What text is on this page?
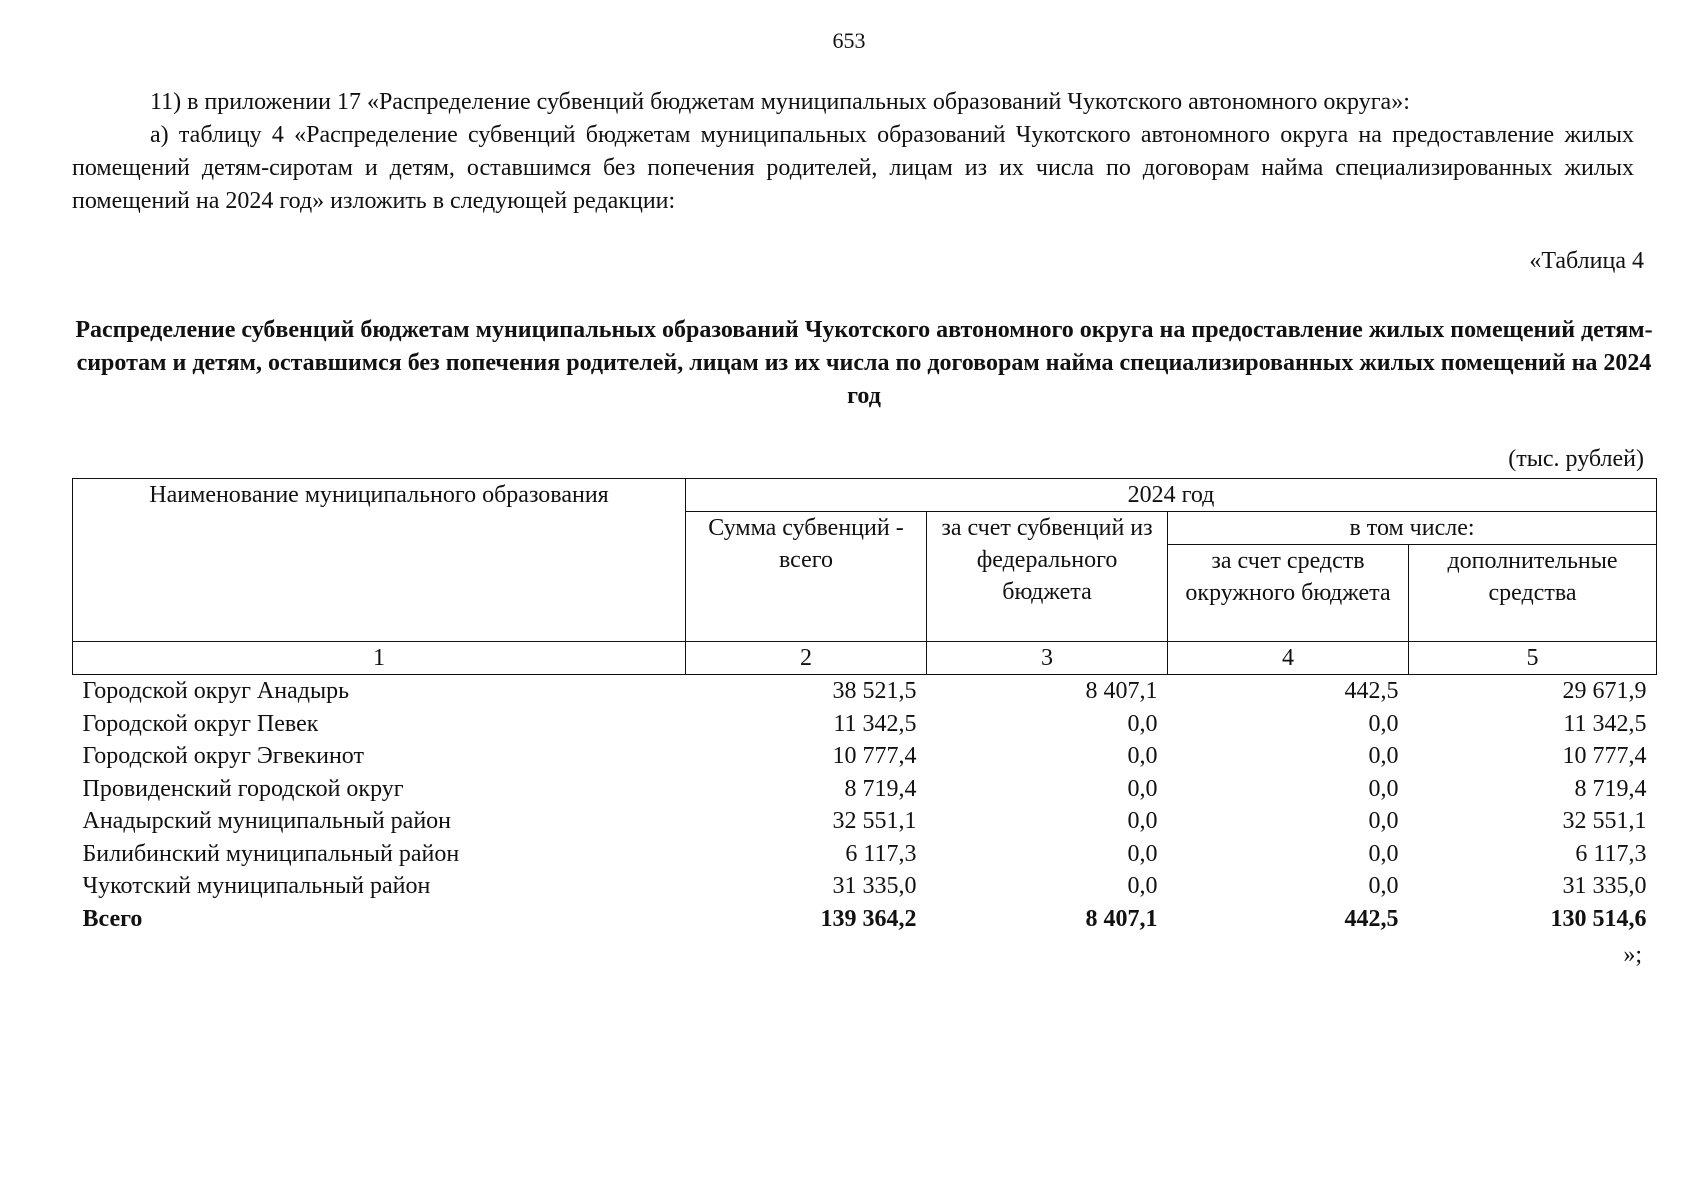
653
11) в приложении 17 «Распределение субвенций бюджетам муниципальных образований Чукотского автономного округа»:
а) таблицу 4 «Распределение субвенций бюджетам муниципальных образований Чукотского автономного округа на предоставление жилых помещений детям-сиротам и детям, оставшимся без попечения родителей, лицам из их числа по договорам найма специализированных жилых помещений на 2024 год» изложить в следующей редакции:
«Таблица 4
Распределение субвенций бюджетам муниципальных образований Чукотского автономного округа на предоставление жилых помещений детям-сиротам и детям, оставшимся без попечения родителей, лицам из их числа по договорам найма специализированных жилых помещений на 2024 год
(тыс. рублей)
Наименование муниципального образования	2024 год			
	Сумма субвенций - всего	за счет субвенций из федерального бюджета	в том числе:	
			за счет средств окружного бюджета	дополнительные средства
1	2	3	4	5
Городской округ Анадырь	38 521,5	8 407,1	442,5	29 671,9
Городской округ Певек	11 342,5	0,0	0,0	11 342,5
Городской округ Эгвекинот	10 777,4	0,0	0,0	10 777,4
Провиденский городской округ	8 719,4	0,0	0,0	8 719,4
Анадырский муниципальный район	32 551,1	0,0	0,0	32 551,1
Билибинский муниципальный район	6 117,3	0,0	0,0	6 117,3
Чукотский муниципальный район	31 335,0	0,0	0,0	31 335,0
Всего	139 364,2	8 407,1	442,5	130 514,6
»;
